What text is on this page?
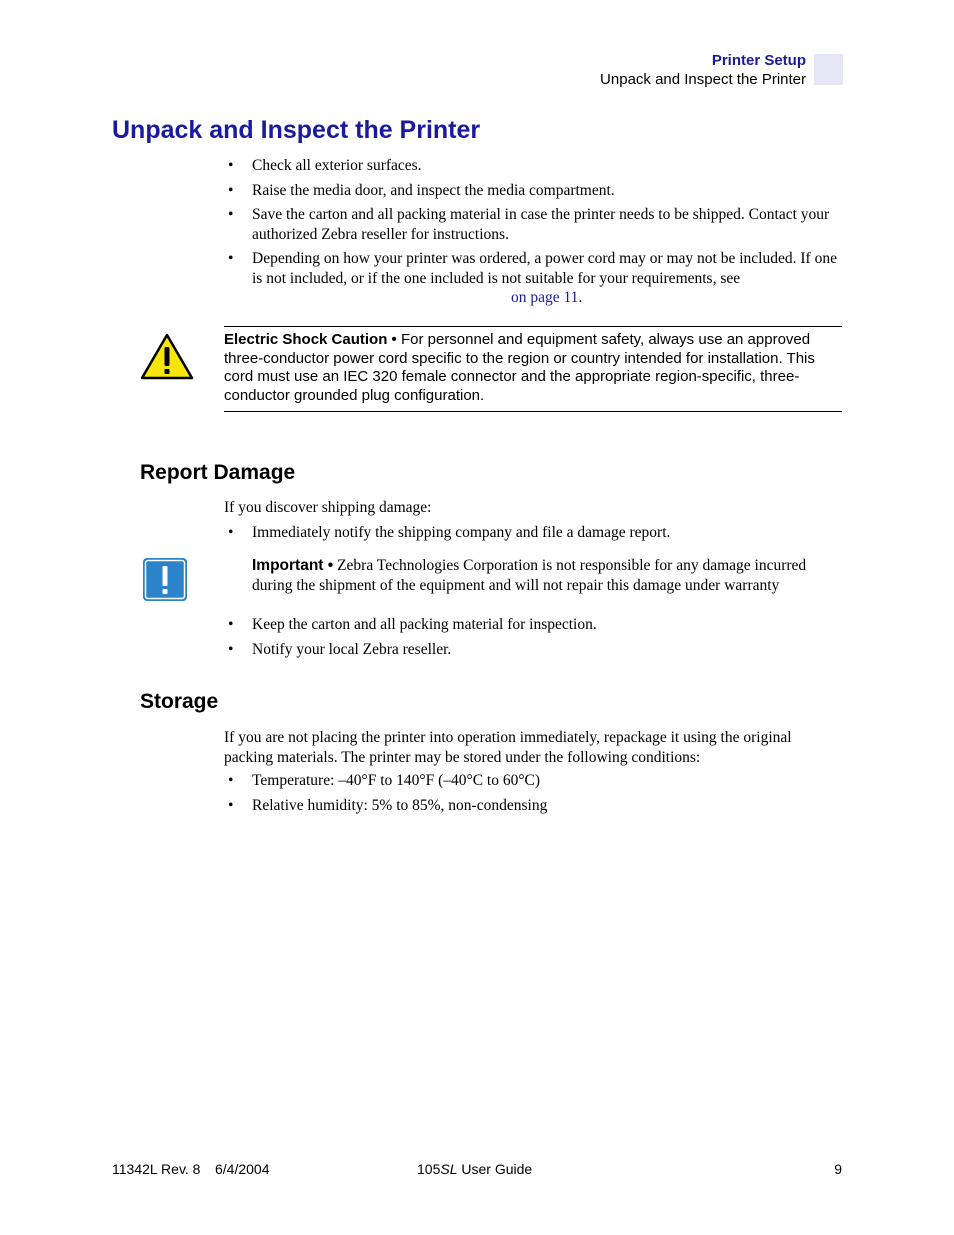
Printer Setup
Unpack and Inspect the Printer
Unpack and Inspect the Printer
• Check all exterior surfaces.
• Raise the media door, and inspect the media compartment.
• Save the carton and all packing material in case the printer needs to be shipped. Contact your authorized Zebra reseller for instructions.
• Depending on how your printer was ordered, a power cord may or may not be included. If one is not included, or if the one included is not suitable for your requirements, see
on page 11.
Electric Shock Caution • For personnel and equipment safety, always use an approved three-conductor power cord specific to the region or country intended for installation. This cord must use an IEC 320 female connector and the appropriate region-specific, three-conductor grounded plug configuration.
Report Damage

If you discover shipping damage:

• Immediately notify the shipping company and file a damage report.
Important • Zebra Technologies Corporation is not responsible for any damage incurred during the shipment of the equipment and will not repair this damage under warranty
• Keep the carton and all packing material for inspection.
• Notify your local Zebra reseller.
Storage

If you are not placing the printer into operation immediately, repackage it using the original packing materials. The printer may be stored under the following conditions:

• Temperature: –40°F to 140°F (–40°C to 60°C)
• Relative humidity: 5% to 85%, non-condensing
11342L Rev. 8 6/4/2004	105SL User Guide	9
